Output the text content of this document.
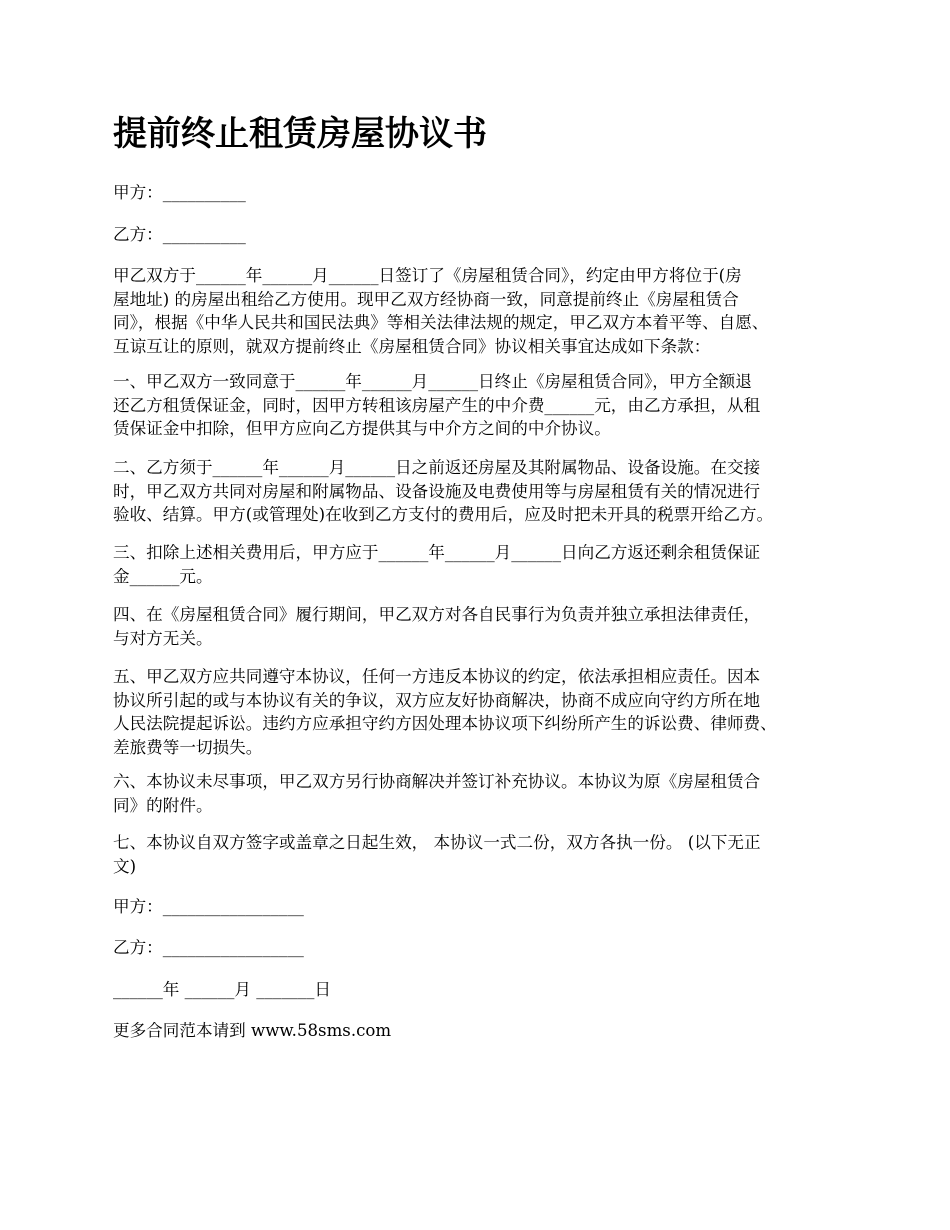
提前终止租赁房屋协议书

甲方：__________

乙方：__________

甲乙双方于______年______月______日签订了《房屋租赁合同》，约定由甲方将位于(房
屋地址) 的房屋出租给乙方使用。现甲乙双方经协商一致，同意提前终止《房屋租赁合
同》，根据《中华人民共和国民法典》等相关法律法规的规定，甲乙双方本着平等、自愿、
互谅互让的原则，就双方提前终止《房屋租赁合同》协议相关事宜达成如下条款：

一、甲乙双方一致同意于______年______月______日终止《房屋租赁合同》，甲方全额退
还乙方租赁保证金，同时，因甲方转租该房屋产生的中介费______元，由乙方承担，从租
赁保证金中扣除，但甲方应向乙方提供其与中介方之间的中介协议。

二、乙方须于______年______月______日之前返还房屋及其附属物品、设备设施。在交接
时，甲乙双方共同对房屋和附属物品、设备设施及电费使用等与房屋租赁有关的情况进行
验收、结算。甲方(或管理处)在收到乙方支付的费用后，应及时把未开具的税票开给乙方。

三、扣除上述相关费用后，甲方应于______年______月______日向乙方返还剩余租赁保证
金______元。

四、在《房屋租赁合同》履行期间，甲乙双方对各自民事行为负责并独立承担法律责任，
与对方无关。

五、甲乙双方应共同遵守本协议，任何一方违反本协议的约定，依法承担相应责任。因本
协议所引起的或与本协议有关的争议，双方应友好协商解决，协商不成应向守约方所在地
人民法院提起诉讼。违约方应承担守约方因处理本协议项下纠纷所产生的诉讼费、律师费、
差旅费等一切损失。

六、本协议未尽事项，甲乙双方另行协商解决并签订补充协议。本协议为原《房屋租赁合
同》的附件。

七、本协议自双方签字或盖章之日起生效， 本协议一式二份，双方各执一份。 (以下无正
文)

甲方：_________________

乙方：_________________

______年 ______月 _______日

更多合同范本请到 www.58sms.com
